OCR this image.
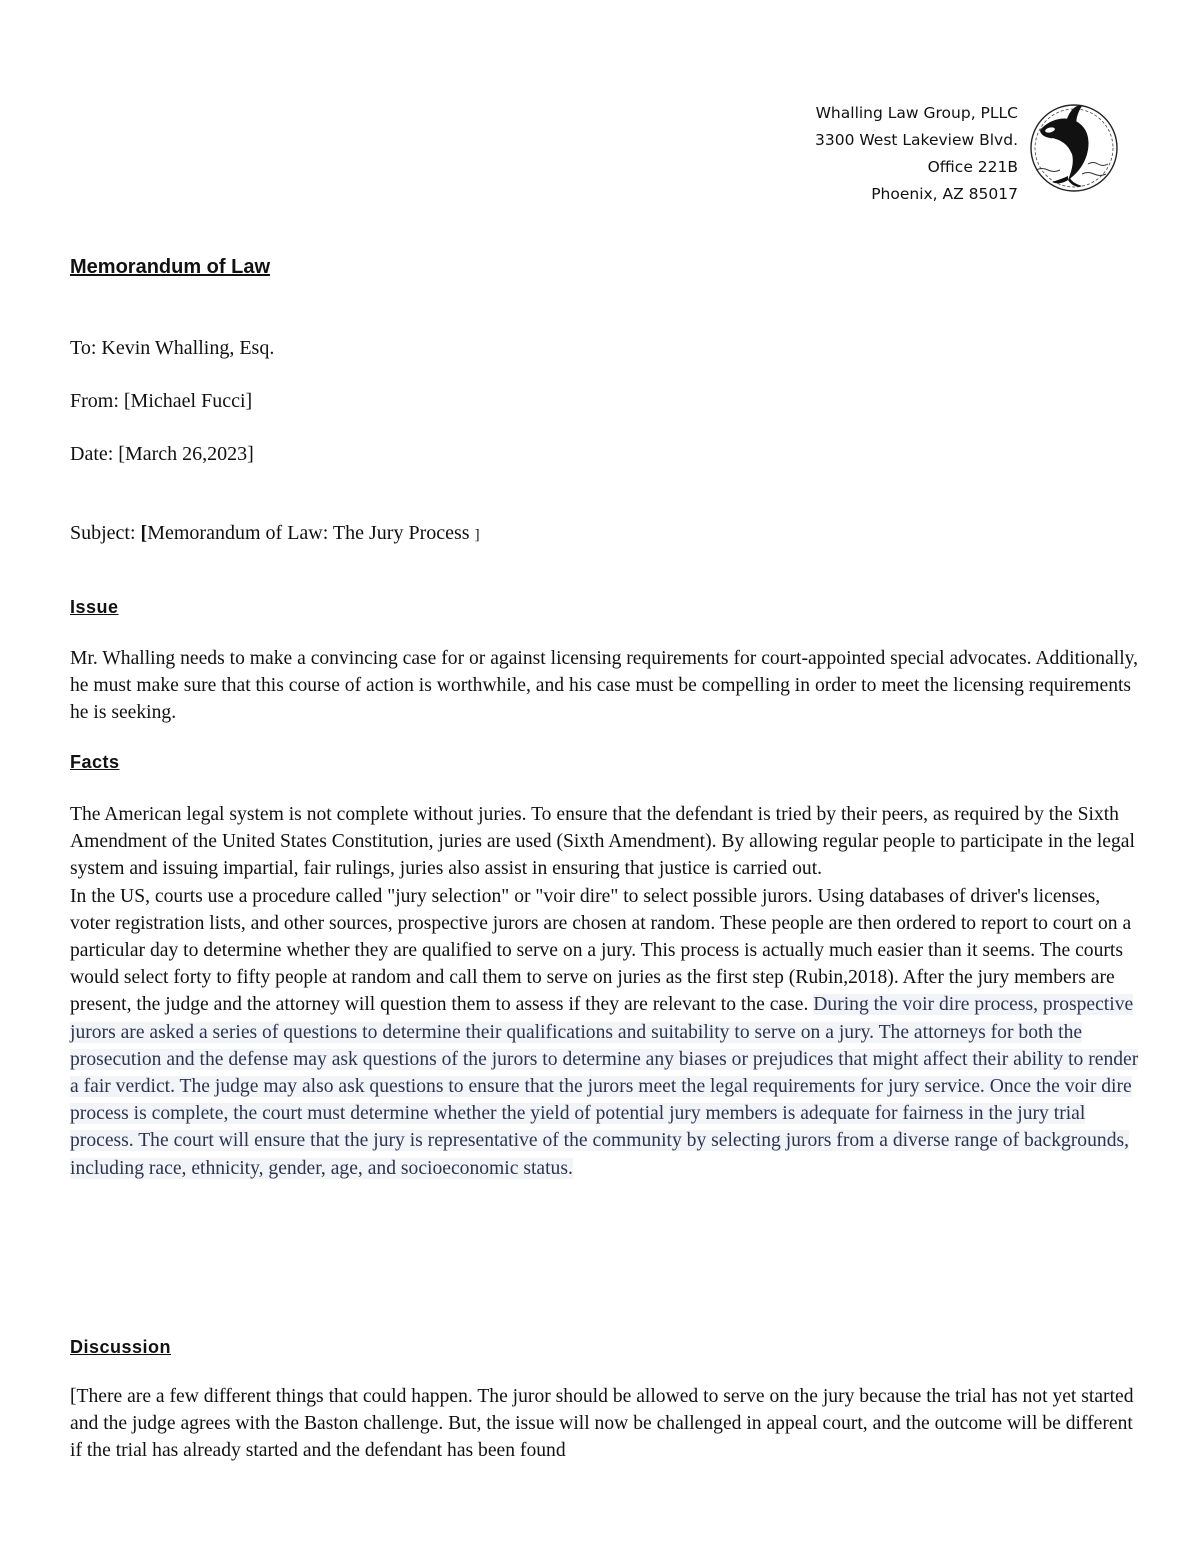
Whalling Law Group, PLLC
3300 West Lakeview Blvd.
Office 221B
Phoenix, AZ 85017
Memorandum of Law
To: Kevin Whalling, Esq.
From: [Michael Fucci]
Date: [March 26,2023]
Subject: [Memorandum of Law: The Jury Process ]
Issue

Mr. Whalling needs to make a convincing case for or against licensing requirements for court-appointed special advocates. Additionally, he must make sure that this course of action is worthwhile, and his case must be compelling in order to meet the licensing requirements he is seeking.

Facts

The American legal system is not complete without juries. To ensure that the defendant is tried by their peers, as required by the Sixth Amendment of the United States Constitution, juries are used (Sixth Amendment). By allowing regular people to participate in the legal system and issuing impartial, fair rulings, juries also assist in ensuring that justice is carried out.

In the US, courts use a procedure called "jury selection" or "voir dire" to select possible jurors. Using databases of driver's licenses, voter registration lists, and other sources, prospective jurors are chosen at random. These people are then ordered to report to court on a particular day to determine whether they are qualified to serve on a jury. This process is actually much easier than it seems. The courts would select forty to fifty people at random and call them to serve on juries as the first step (Rubin,2018). After the jury members are present, the judge and the attorney will question them to assess if they are relevant to the case. During the voir dire process, prospective jurors are asked a series of questions to determine their qualifications and suitability to serve on a jury. The attorneys for both the prosecution and the defense may ask questions of the jurors to determine any biases or prejudices that might affect their ability to render a fair verdict. The judge may also ask questions to ensure that the jurors meet the legal requirements for jury service. Once the voir dire process is complete, the court must determine whether the yield of potential jury members is adequate for fairness in the jury trial process. The court will ensure that the jury is representative of the community by selecting jurors from a diverse range of backgrounds, including race, ethnicity, gender, age, and socioeconomic status.

Discussion

[There are a few different things that could happen. The juror should be allowed to serve on the jury because the trial has not yet started and the judge agrees with the Baston challenge. But, the issue will now be challenged in appeal court, and the outcome will be different if the trial has already started and the defendant has been found
